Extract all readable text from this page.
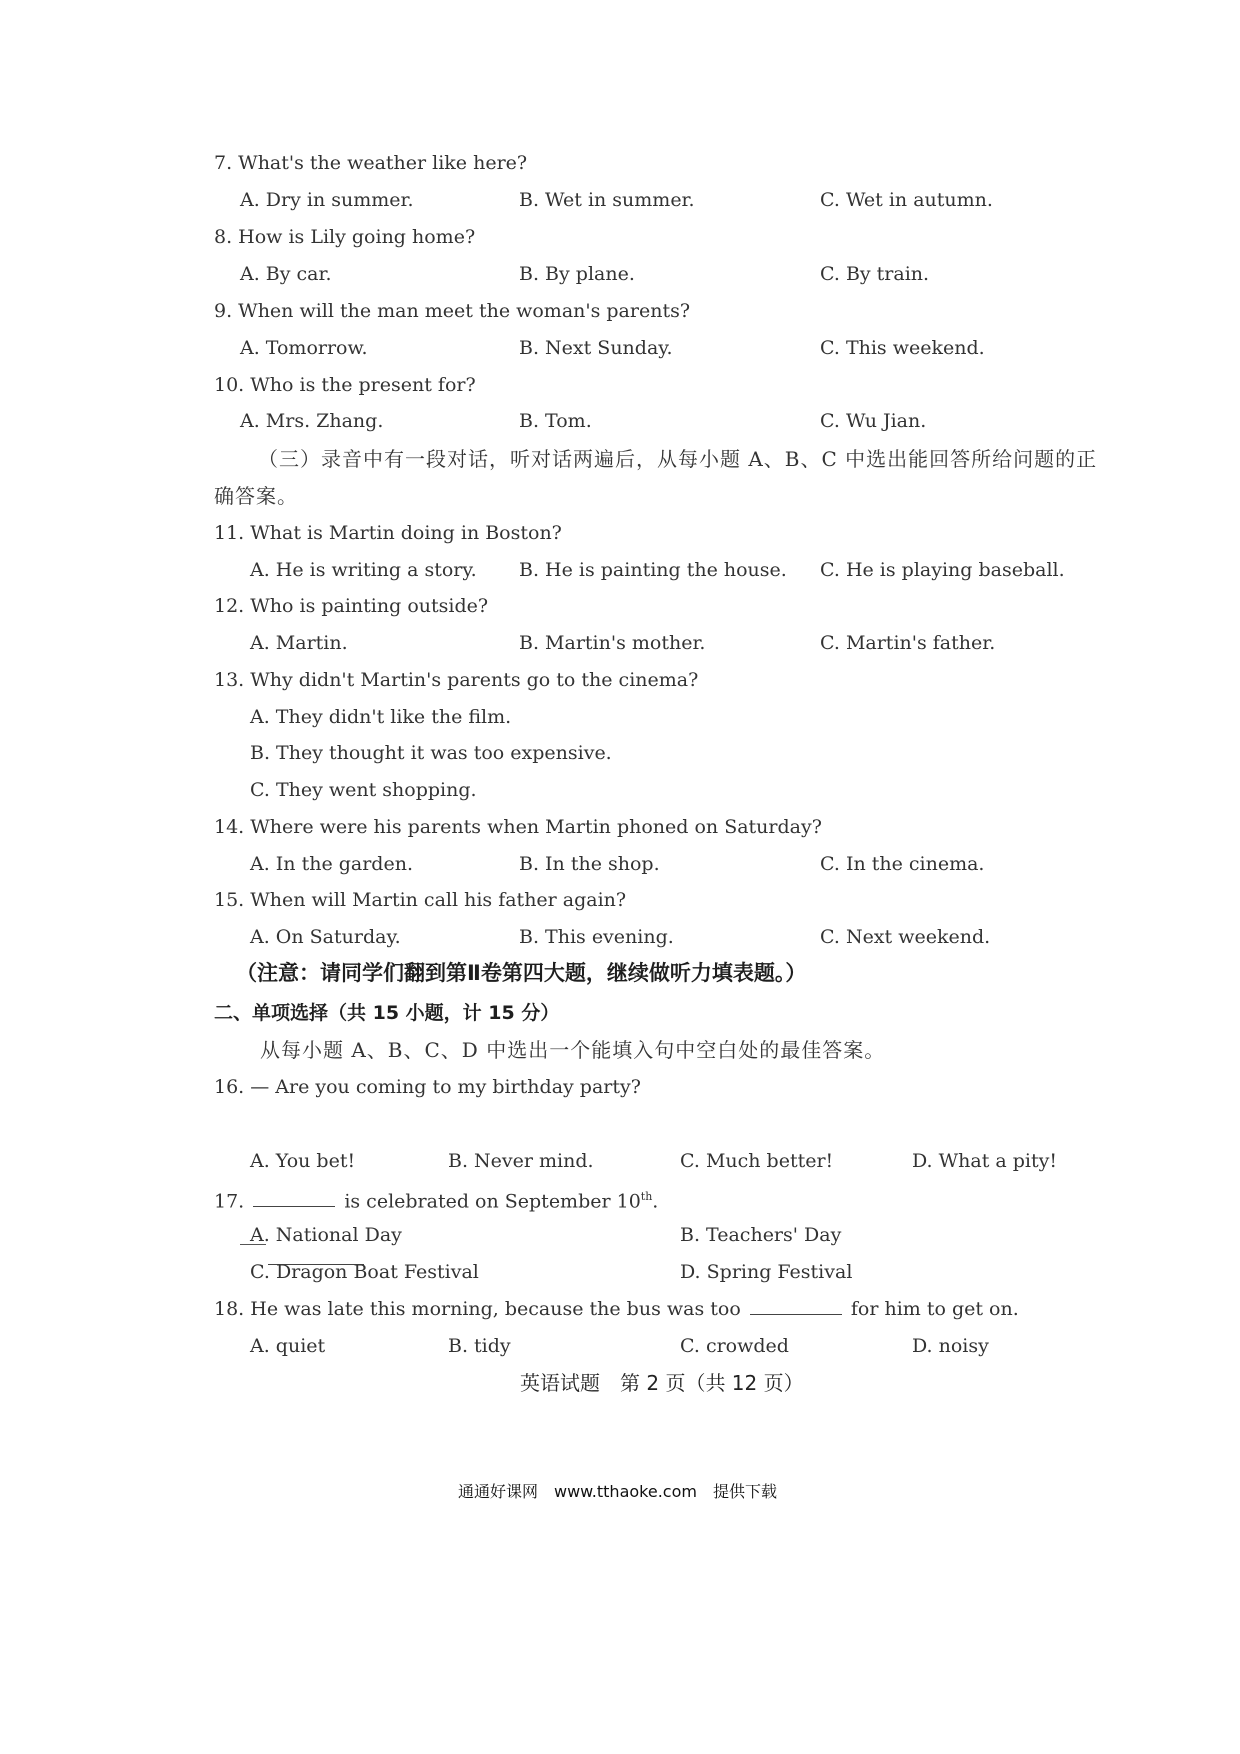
7. What's the weather like here?
A. Dry in summer.	B. Wet in summer.	C. Wet in autumn.
8. How is Lily going home?
A. By car.	B. By plane.	C. By train.
9. When will the man meet the woman's parents?
A. Tomorrow.	B. Next Sunday.	C. This weekend.
10. Who is the present for?
A. Mrs. Zhang.	B. Tom.	C. Wu Jian.
（三）录音中有一段对话，听对话两遍后，从每小题 A、B、C 中选出能回答所给问题的正
确答案。
11. What is Martin doing in Boston?
A. He is writing a story. B. He is painting the house. C. He is playing baseball.
12. Who is painting outside?
A. Martin.	B. Martin's mother.	C. Martin's father.
13. Why didn't Martin's parents go to the cinema?
A. They didn't like the film.
B. They thought it was too expensive.
C. They went shopping.
14. Where were his parents when Martin phoned on Saturday?
A. In the garden.	B. In the shop.	C. In the cinema.
15. When will Martin call his father again?
A. On Saturday.	B. This evening.	C. Next weekend.
（注意：请同学们翻到第Ⅱ卷第四大题，继续做听力填表题。）
二、单项选择（共 15 小题，计 15 分）
从每小题 A、B、C、D 中选出一个能填入句中空白处的最佳答案。
16. — Are you coming to my birthday party?
A. You bet!	B. Never mind.	C. Much better!	D. What a pity!
17.	is celebrated on September 10th.
A. National Day	B. Teachers' Day
C. Dragon Boat Festival	D. Spring Festival
18. He was late this morning, because the bus was too	for him to get on.
A. quiet	B. tidy	C. crowded	D. noisy
英语试题　第 2 页（共 12 页）
通通好课网　www.tthaoke.com　提供下载
